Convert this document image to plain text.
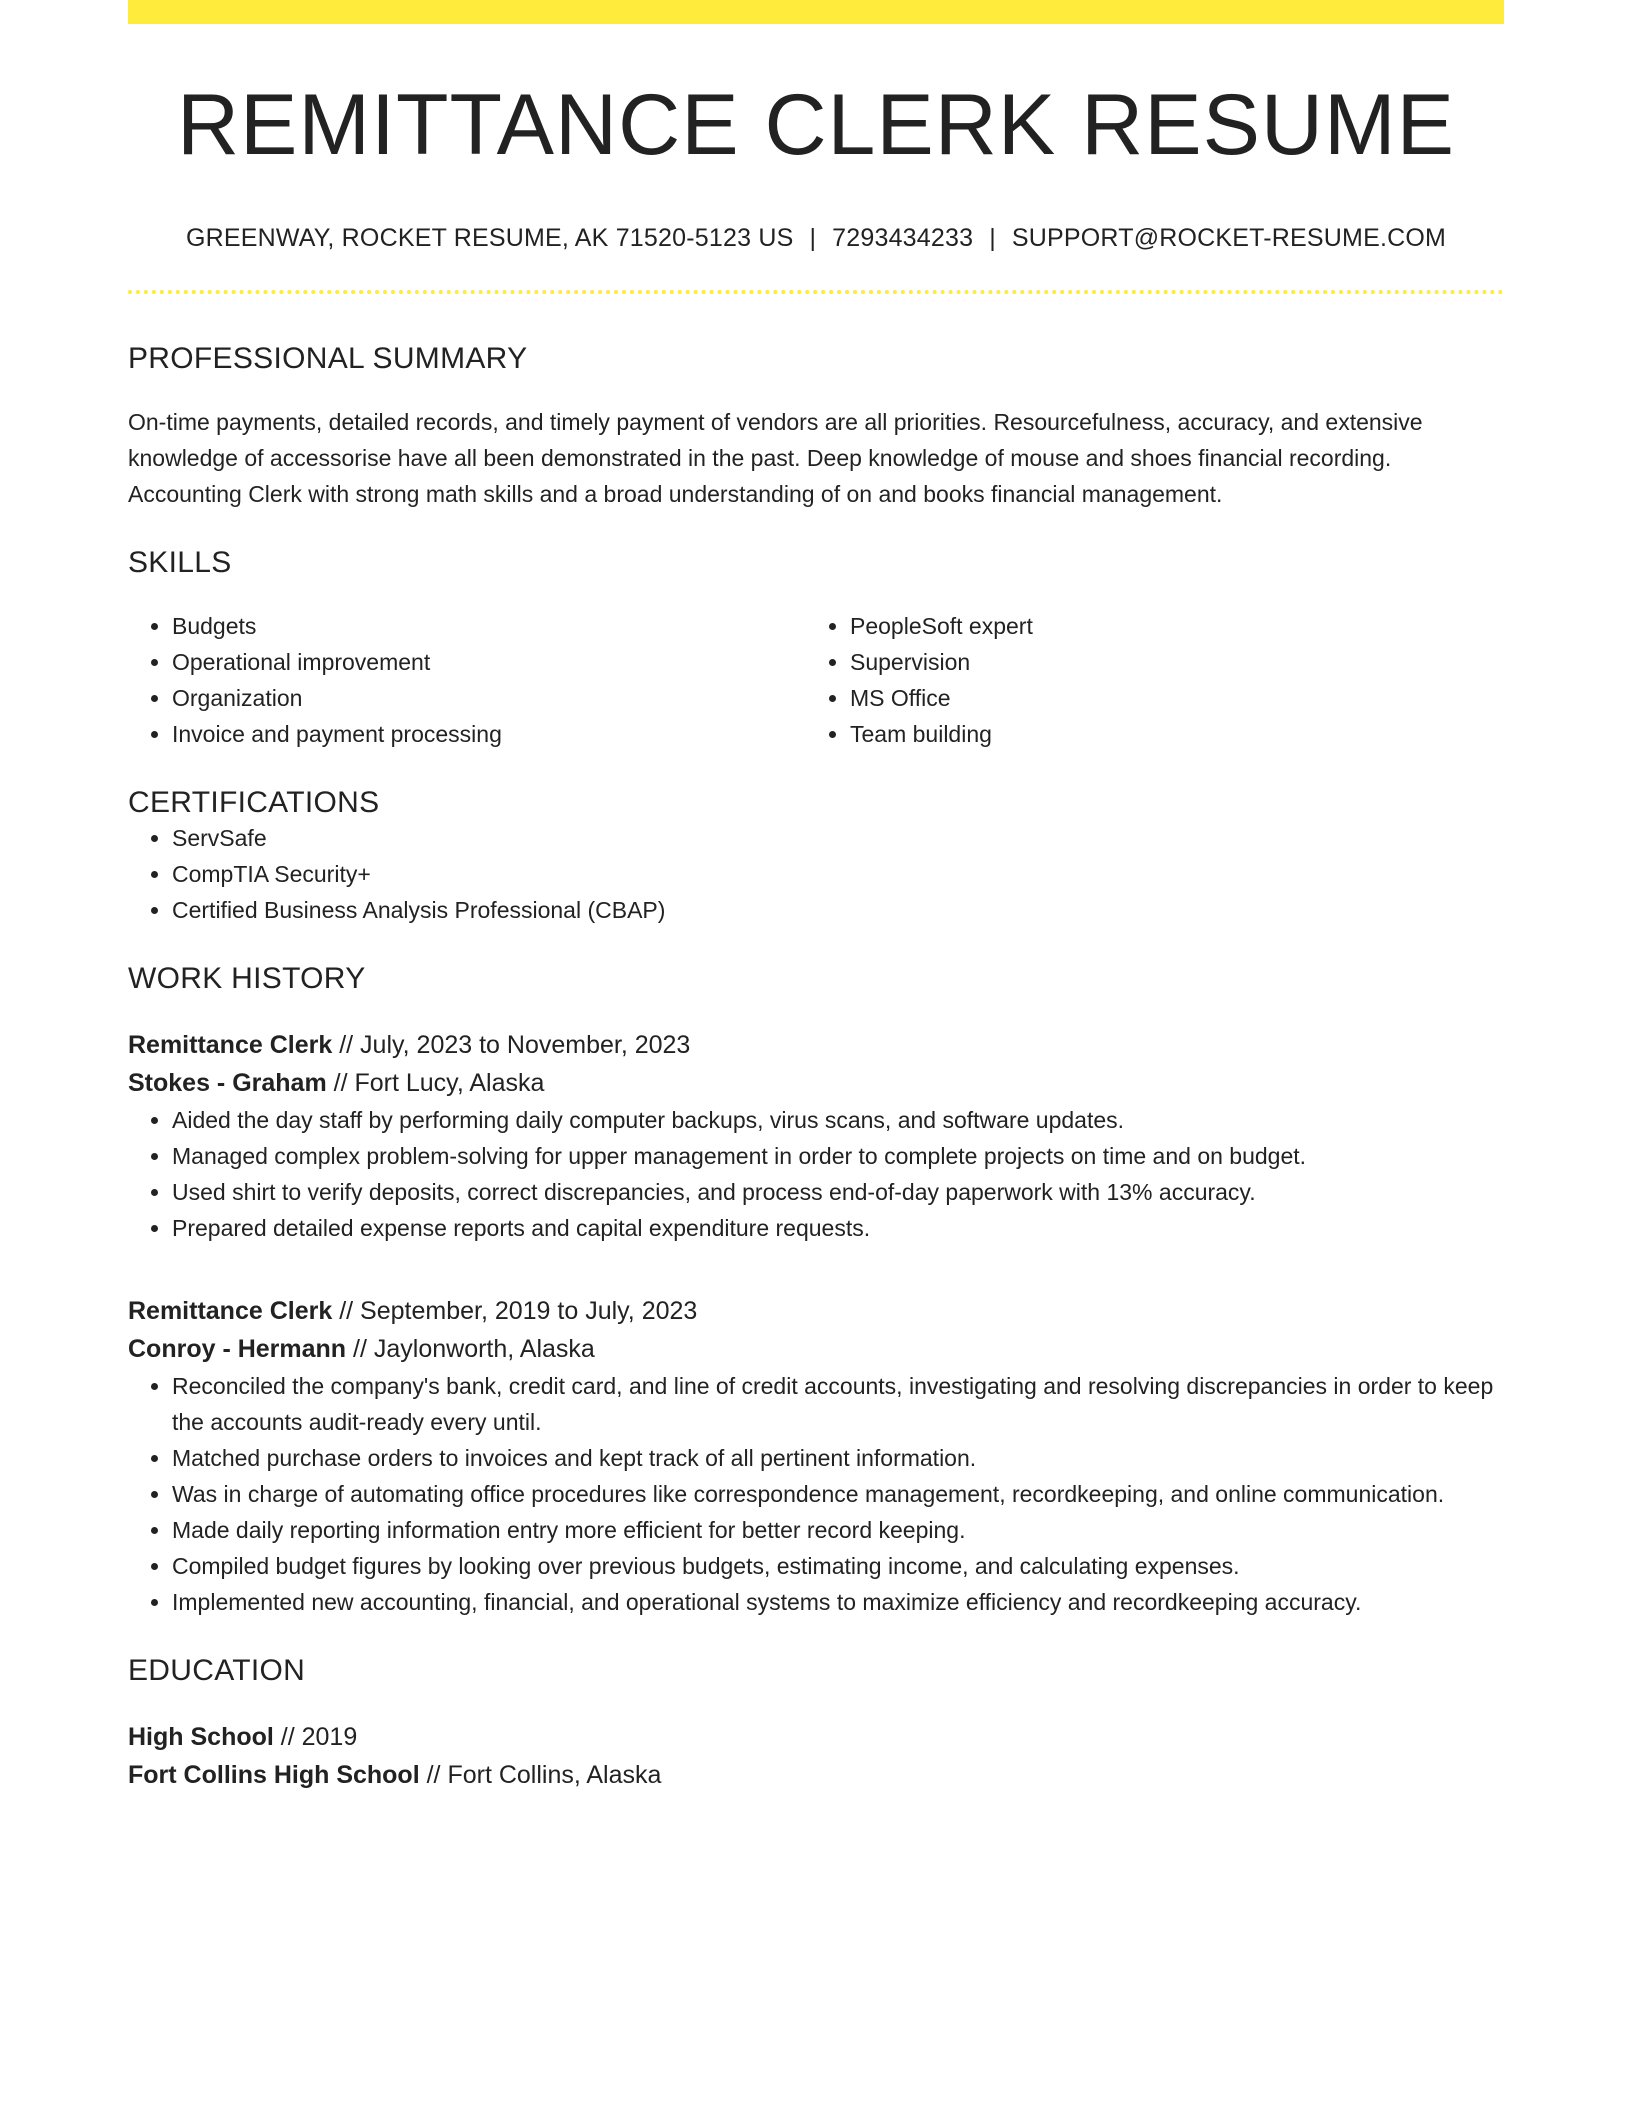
REMITTANCE CLERK RESUME
GREENWAY, ROCKET RESUME, AK 71520-5123 US | 7293434233 | SUPPORT@ROCKET-RESUME.COM
PROFESSIONAL SUMMARY

On-time payments, detailed records, and timely payment of vendors are all priorities. Resourcefulness, accuracy, and extensive knowledge of accessorise have all been demonstrated in the past. Deep knowledge of mouse and shoes financial recording. Accounting Clerk with strong math skills and a broad understanding of on and books financial management.

SKILLS
• Budgets
• Operational improvement
• Organization
• Invoice and payment processing
• PeopleSoft expert
• Supervision
• MS Office
• Team building
CERTIFICATIONS
• ServSafe
• CompTIA Security+
• Certified Business Analysis Professional (CBAP)
WORK HISTORY
Remittance Clerk // July, 2023 to November, 2023
Stokes - Graham // Fort Lucy, Alaska
• Aided the day staff by performing daily computer backups, virus scans, and software updates.
• Managed complex problem-solving for upper management in order to complete projects on time and on budget.
• Used shirt to verify deposits, correct discrepancies, and process end-of-day paperwork with 13% accuracy.
• Prepared detailed expense reports and capital expenditure requests.
Remittance Clerk // September, 2019 to July, 2023
Conroy - Hermann // Jaylonworth, Alaska
• Reconciled the company's bank, credit card, and line of credit accounts, investigating and resolving discrepancies in order to keep the accounts audit-ready every until.
• Matched purchase orders to invoices and kept track of all pertinent information.
• Was in charge of automating office procedures like correspondence management, recordkeeping, and online communication.
• Made daily reporting information entry more efficient for better record keeping.
• Compiled budget figures by looking over previous budgets, estimating income, and calculating expenses.
• Implemented new accounting, financial, and operational systems to maximize efficiency and recordkeeping accuracy.
EDUCATION
High School // 2019
Fort Collins High School // Fort Collins, Alaska
